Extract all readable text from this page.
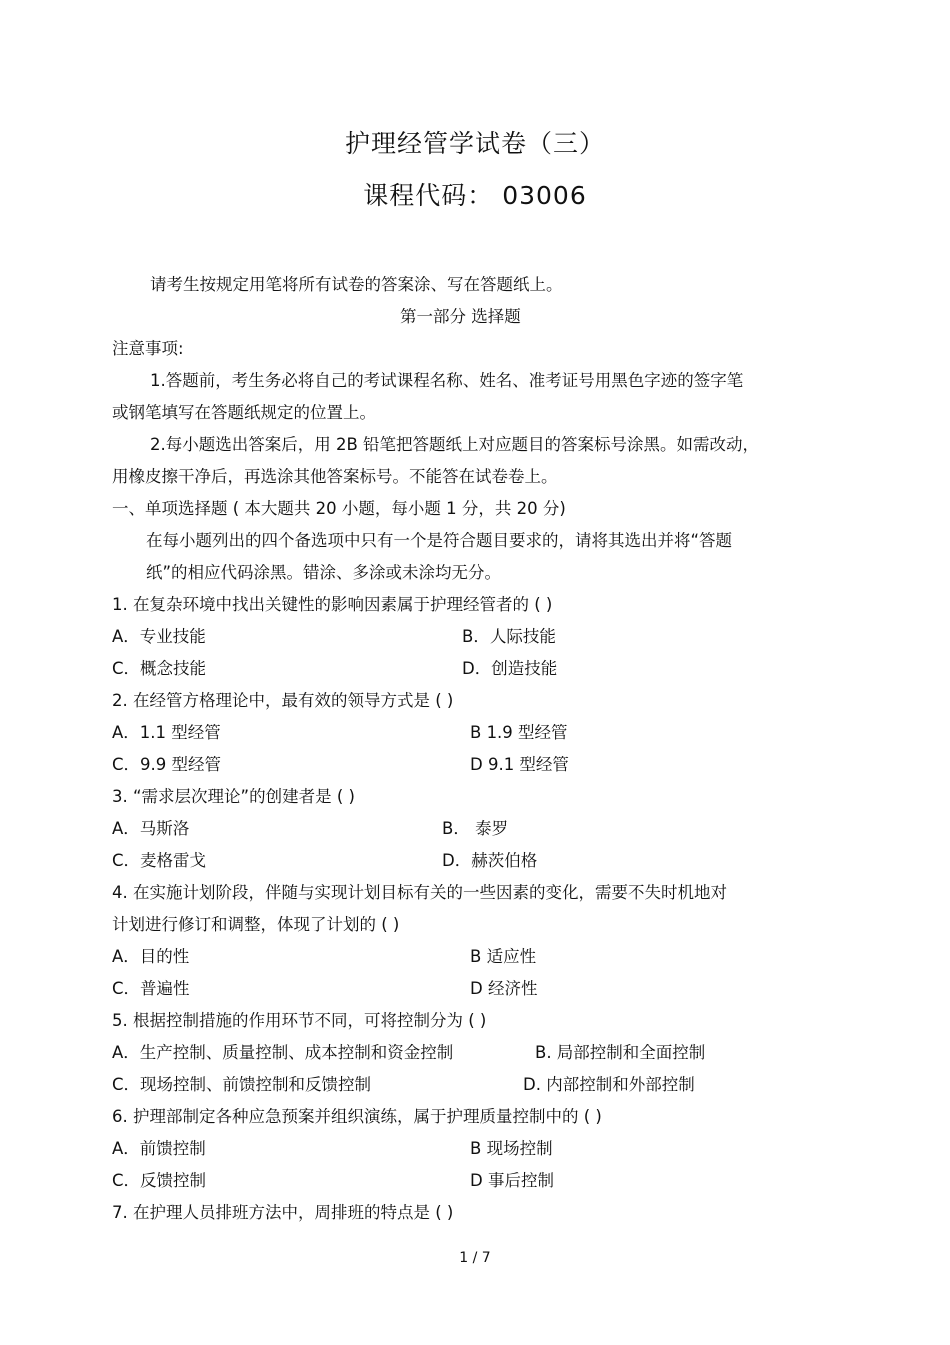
护理经管学试卷（三）
课程代码： 03006
请考生按规定用笔将所有试卷的答案涂、写在答题纸上。
第一部分 选择题
注意事项:
1.答题前，考生务必将自己的考试课程名称、姓名、准考证号用黑色字迹的签字笔
或钢笔填写在答题纸规定的位置上。
2.每小题选出答案后，用 2B 铅笔把答题纸上对应题目的答案标号涂黑。如需改动，
用橡皮擦干净后，再选涂其他答案标号。不能答在试卷卷上。
一、单项选择题 ( 本大题共 20 小题，每小题 1 分，共 20 分)
在每小题列出的四个备选项中只有一个是符合题目要求的，请将其选出并将“答题
纸”的相应代码涂黑。错涂、多涂或未涂均无分。
1. 在复杂环境中找出关键性的影响因素属于护理经管者的 ( )
A．专业技能	B．人际技能
C．概念技能	D．创造技能
2. 在经管方格理论中，最有效的领导方式是 ( )
A．1.1 型经管	B 1.9 型经管
C．9.9 型经管	D 9.1 型经管
3. “需求层次理论”的创建者是 ( )
A．马斯洛	B． 泰罗
C．麦格雷戈	D．赫茨伯格
4. 在实施计划阶段，伴随与实现计划目标有关的一些因素的变化，需要不失时机地对
计划进行修订和调整，体现了计划的 ( )
A．目的性	B 适应性
C．普遍性	D 经济性
5. 根据控制措施的作用环节不同，可将控制分为 ( )
A．生产控制、质量控制、成本控制和资金控制	B. 局部控制和全面控制
C．现场控制、前馈控制和反馈控制	D. 内部控制和外部控制
6. 护理部制定各种应急预案并组织演练，属于护理质量控制中的 ( )
A．前馈控制	B 现场控制
C．反馈控制	D 事后控制
7. 在护理人员排班方法中，周排班的特点是 ( )
1 / 7
